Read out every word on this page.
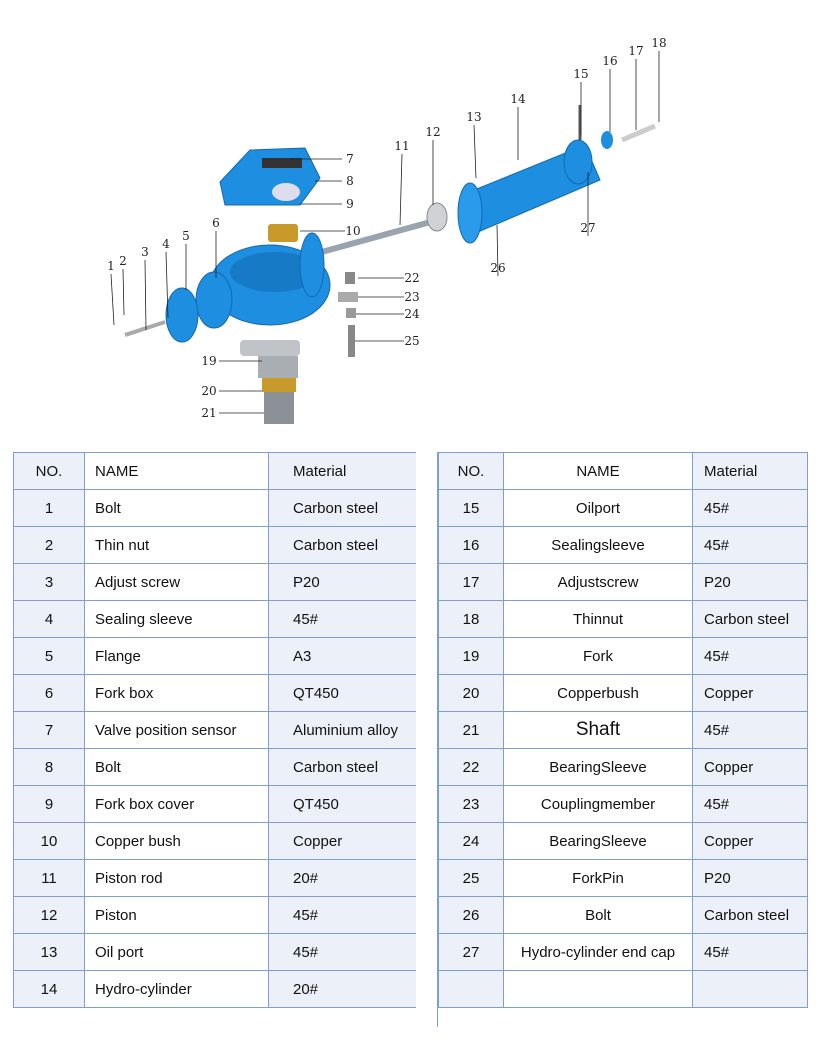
1 2
3
4
5
6
7
8
9
10
11
12
13
14
15
16
17
18
19
20
21
22
23
24
25
26
27
NO.	NAME	Material
1	Bolt	Carbon steel
2	Thin nut	Carbon steel
3	Adjust screw	P20
4	Sealing sleeve	45#
5	Flange	A3
6	Fork box	QT450
7	Valve position sensor	Aluminium alloy
8	Bolt	Carbon steel
9	Fork box cover	QT450
10	Copper bush	Copper
11	Piston rod	20#
12	Piston	45#
13	Oil port	45#
14	Hydro-cylinder	20#
NO.	NAME	Material
15	Oilport	45#
16	Sealingsleeve	45#
17	Adjustscrew	P20
18	Thinnut	Carbon steel
19	Fork	45#
20	Copperbush	Copper
21	Shaft	45#
22	BearingSleeve	Copper
23	Couplingmember	45#
24	BearingSleeve	Copper
25	ForkPin	P20
26	Bolt	Carbon steel
27	Hydro-cylinder end cap	45#
